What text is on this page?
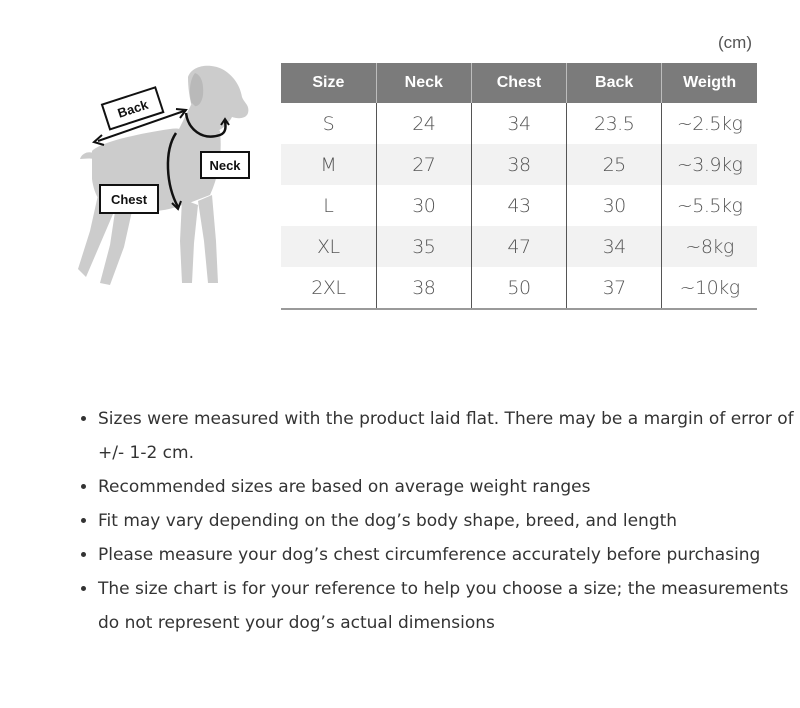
Back
Neck
Chest
(cm)
Size	Neck	Chest	Back	Weigth
S	24	34	23.5	~2.5kg
M	27	38	25	~3.9kg
L	30	43	30	~5.5kg
XL	35	47	34	~8kg
2XL	38	50	37	~10kg
• Sizes were measured with the product laid flat. There may be a margin of error of +/- 1-2 cm.
• Recommended sizes are based on average weight ranges
• Fit may vary depending on the dog’s body shape, breed, and length
• Please measure your dog’s chest circumference accurately before purchasing
• The size chart is for your reference to help you choose a size; the measurements do not represent your dog’s actual dimensions
